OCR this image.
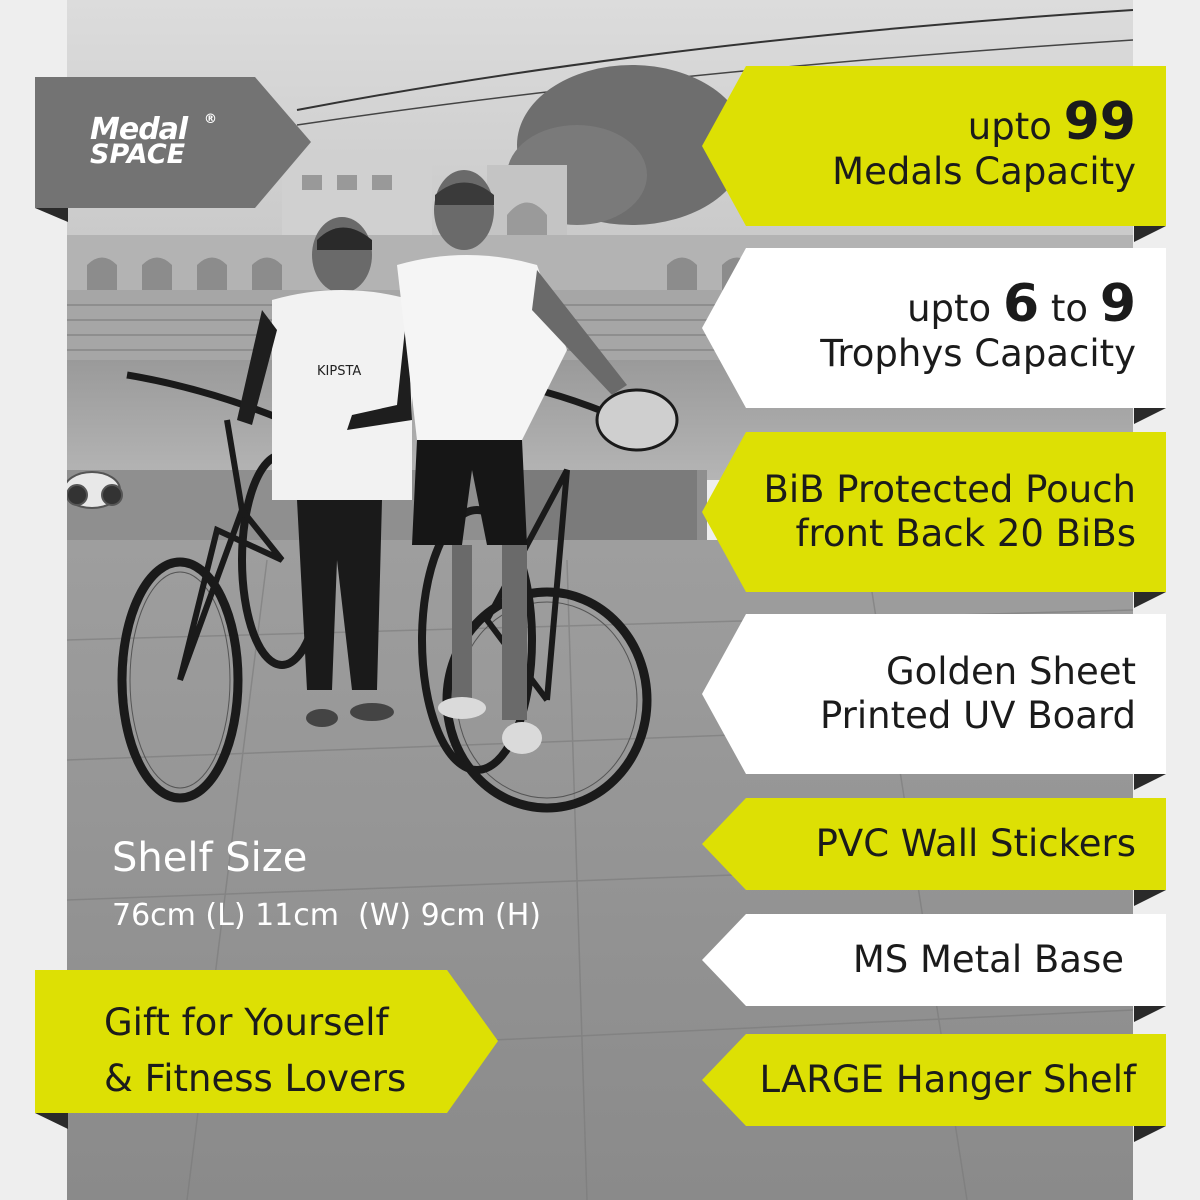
KIPSTA
Medal
SPACE
®	upto 99
Medals Capacity
upto 6 to 9
Trophys Capacity
BiB Protected Pouch
front Back 20 BiBs
Golden Sheet
Printed UV Board
PVC Wall Stickers
MS Metal Base
LARGE Hanger Shelf
Shelf Size
76cm (L) 11cm  (W) 9cm (H)
Gift for Yourself
& Fitness Lovers
